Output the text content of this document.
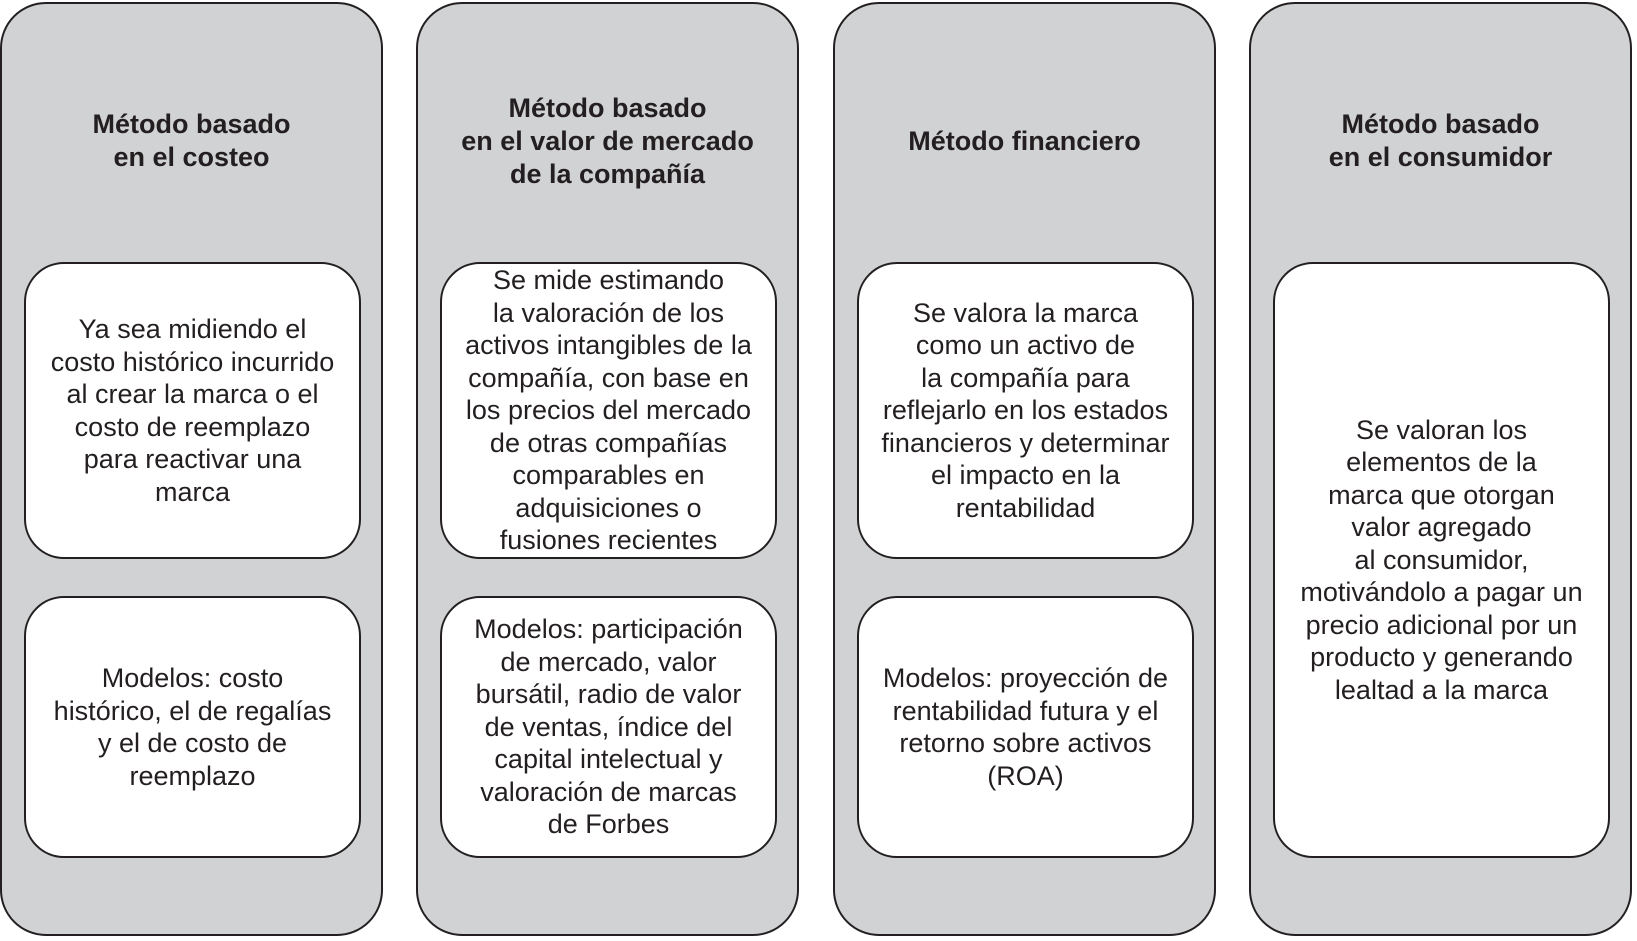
Método basado
en el costeo
Ya sea midiendo el
costo histórico incurrido
al crear la marca o el
costo de reemplazo
para reactivar una
marca
Modelos: costo
histórico, el de regalías
y el de costo de
reemplazo
Método basado
en el valor de mercado
de la compañía
Se mide estimando
la valoración de los
activos intangibles de la
compañía, con base en
los precios del mercado
de otras compañías
comparables en
adquisiciones o
fusiones recientes
Modelos: participación
de mercado, valor
bursátil, radio de valor
de ventas, índice del
capital intelectual y
valoración de marcas
de Forbes
Método financiero
Se valora la marca
como un activo de
la compañía para
reflejarlo en los estados
financieros y determinar
el impacto en la
rentabilidad
Modelos: proyección de
rentabilidad futura y el
retorno sobre activos
(ROA)
Método basado
en el consumidor
Se valoran los
elementos de la
marca que otorgan
valor agregado
al consumidor,
motivándolo a pagar un
precio adicional por un
producto y generando
lealtad a la marca
